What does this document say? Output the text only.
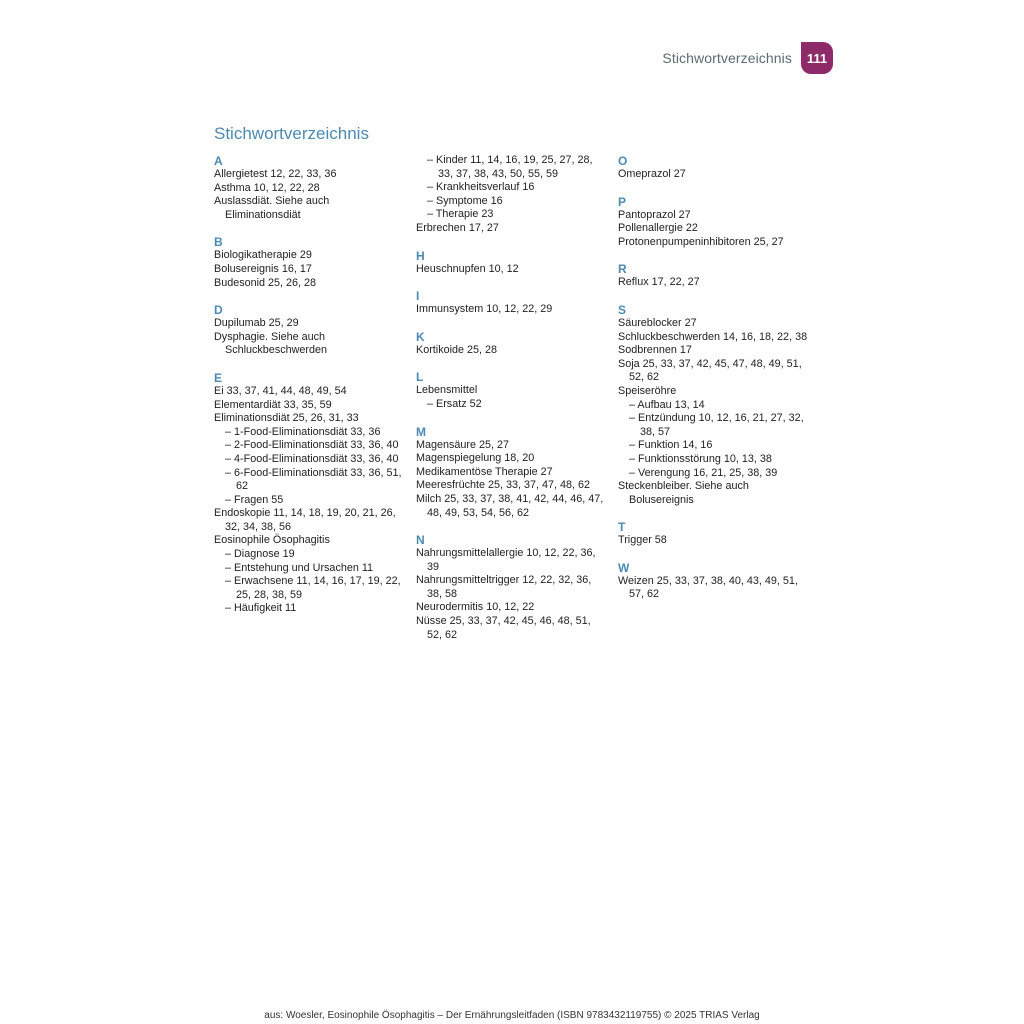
Stichwortverzeichnis	111
Stichwortverzeichnis
A
Allergietest 12, 22, 33, 36
Asthma 10, 12, 22, 28
Auslassdiät. Siehe auch Eliminationsdiät
B
Biologikatherapie 29
Bolusereignis 16, 17
Budesonid 25, 26, 28
D
Dupilumab 25, 29
Dysphagie. Siehe auch Schluckbeschwerden
E
Ei 33, 37, 41, 44, 48, 49, 54
Elementardiät 33, 35, 59
Eliminationsdiät 25, 26, 31, 33
– 1-Food-Eliminationsdiät 33, 36
– 2-Food-Eliminationsdiät 33, 36, 40
– 4-Food-Eliminationsdiät 33, 36, 40
– 6-Food-Eliminationsdiät 33, 36, 51, 62
– Fragen 55
Endoskopie 11, 14, 18, 19, 20, 21, 26, 32, 34, 38, 56
Eosinophile Ösophagitis
– Diagnose 19
– Entstehung und Ursachen 11
– Erwachsene 11, 14, 16, 17, 19, 22, 25, 28, 38, 59
– Häufigkeit 11
– Kinder 11, 14, 16, 19, 25, 27, 28, 33, 37, 38, 43, 50, 55, 59
– Krankheitsverlauf 16
– Symptome 16
– Therapie 23
Erbrechen 17, 27
H
Heuschnupfen 10, 12
I
Immunsystem 10, 12, 22, 29
K
Kortikoide 25, 28
L
Lebensmittel
– Ersatz 52
M
Magensäure 25, 27
Magenspiegelung 18, 20
Medikamentöse Therapie 27
Meeresfrüchte 25, 33, 37, 47, 48, 62
Milch 25, 33, 37, 38, 41, 42, 44, 46, 47, 48, 49, 53, 54, 56, 62
N
Nahrungsmittelallergie 10, 12, 22, 36, 39
Nahrungsmitteltrigger 12, 22, 32, 36, 38, 58
Neurodermitis 10, 12, 22
Nüsse 25, 33, 37, 42, 45, 46, 48, 51, 52, 62
O
Omeprazol 27
P
Pantoprazol 27
Pollenallergie 22
Protonenpumpeninhibitoren 25, 27
R
Reflux 17, 22, 27
S
Säureblocker 27
Schluckbeschwerden 14, 16, 18, 22, 38
Sodbrennen 17
Soja 25, 33, 37, 42, 45, 47, 48, 49, 51, 52, 62
Speiseröhre
– Aufbau 13, 14
– Entzündung 10, 12, 16, 21, 27, 32, 38, 57
– Funktion 14, 16
– Funktionsstörung 10, 13, 38
– Verengung 16, 21, 25, 38, 39
Steckenbleiber. Siehe auch Bolusereignis
T
Trigger 58
W
Weizen 25, 33, 37, 38, 40, 43, 49, 51, 57, 62
aus: Woesler, Eosinophile Ösophagitis – Der Ernährungsleitfaden (ISBN 9783432119755) © 2025 TRIAS Verlag
